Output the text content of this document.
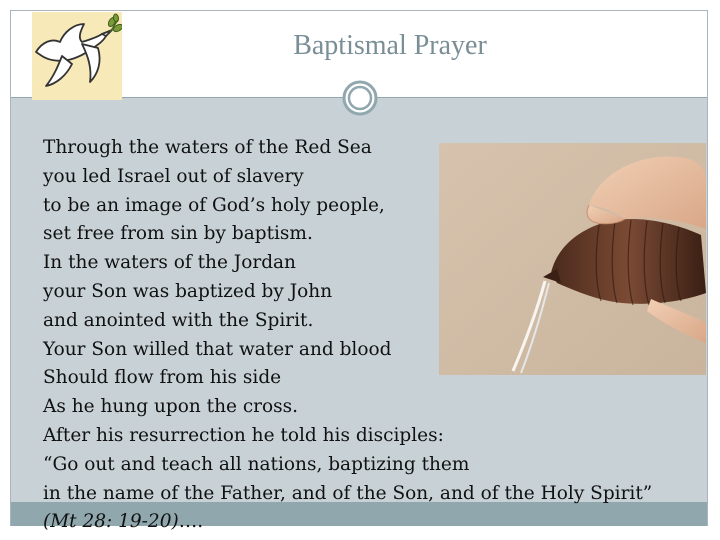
Baptismal Prayer
Through the waters of the Red Sea
you led Israel out of slavery
to be an image of God’s holy people,
set free from sin by baptism.
In the waters of the Jordan
your Son was baptized by John
and anointed with the Spirit.
Your Son willed that water and blood
Should flow from his side
As he hung upon the cross.
After his resurrection he told his disciples:
“Go out and teach all nations, baptizing them
in the name of the Father, and of the Son, and of the Holy Spirit”
(Mt 28: 19-20)….
